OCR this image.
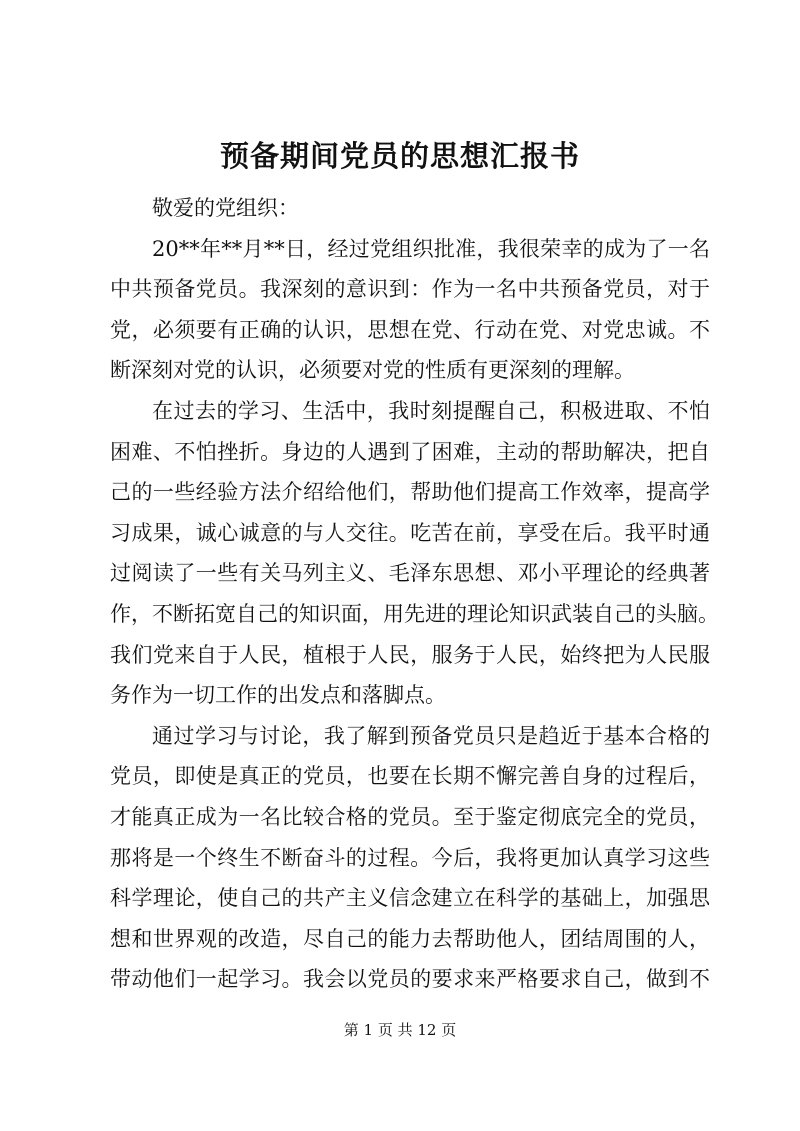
预备期间党员的思想汇报书
敬爱的党组织：
20**年**月**日，经过党组织批准，我很荣幸的成为了一名
中共预备党员。我深刻的意识到：作为一名中共预备党员，对于
党，必须要有正确的认识，思想在党、行动在党、对党忠诚。不
断深刻对党的认识，必须要对党的性质有更深刻的理解。
在过去的学习、生活中，我时刻提醒自己，积极进取、不怕
困难、不怕挫折。身边的人遇到了困难，主动的帮助解决，把自
己的一些经验方法介绍给他们，帮助他们提高工作效率，提高学
习成果，诚心诚意的与人交往。吃苦在前，享受在后。我平时通
过阅读了一些有关马列主义、毛泽东思想、邓小平理论的经典著
作，不断拓宽自己的知识面，用先进的理论知识武装自己的头脑。
我们党来自于人民，植根于人民，服务于人民，始终把为人民服
务作为一切工作的出发点和落脚点。
通过学习与讨论，我了解到预备党员只是趋近于基本合格的
党员，即使是真正的党员，也要在长期不懈完善自身的过程后，
才能真正成为一名比较合格的党员。至于鉴定彻底完全的党员，
那将是一个终生不断奋斗的过程。今后，我将更加认真学习这些
科学理论，使自己的共产主义信念建立在科学的基础上，加强思
想和世界观的改造，尽自己的能力去帮助他人，团结周围的人，
带动他们一起学习。我会以党员的要求来严格要求自己，做到不
第 1 页 共 12 页
